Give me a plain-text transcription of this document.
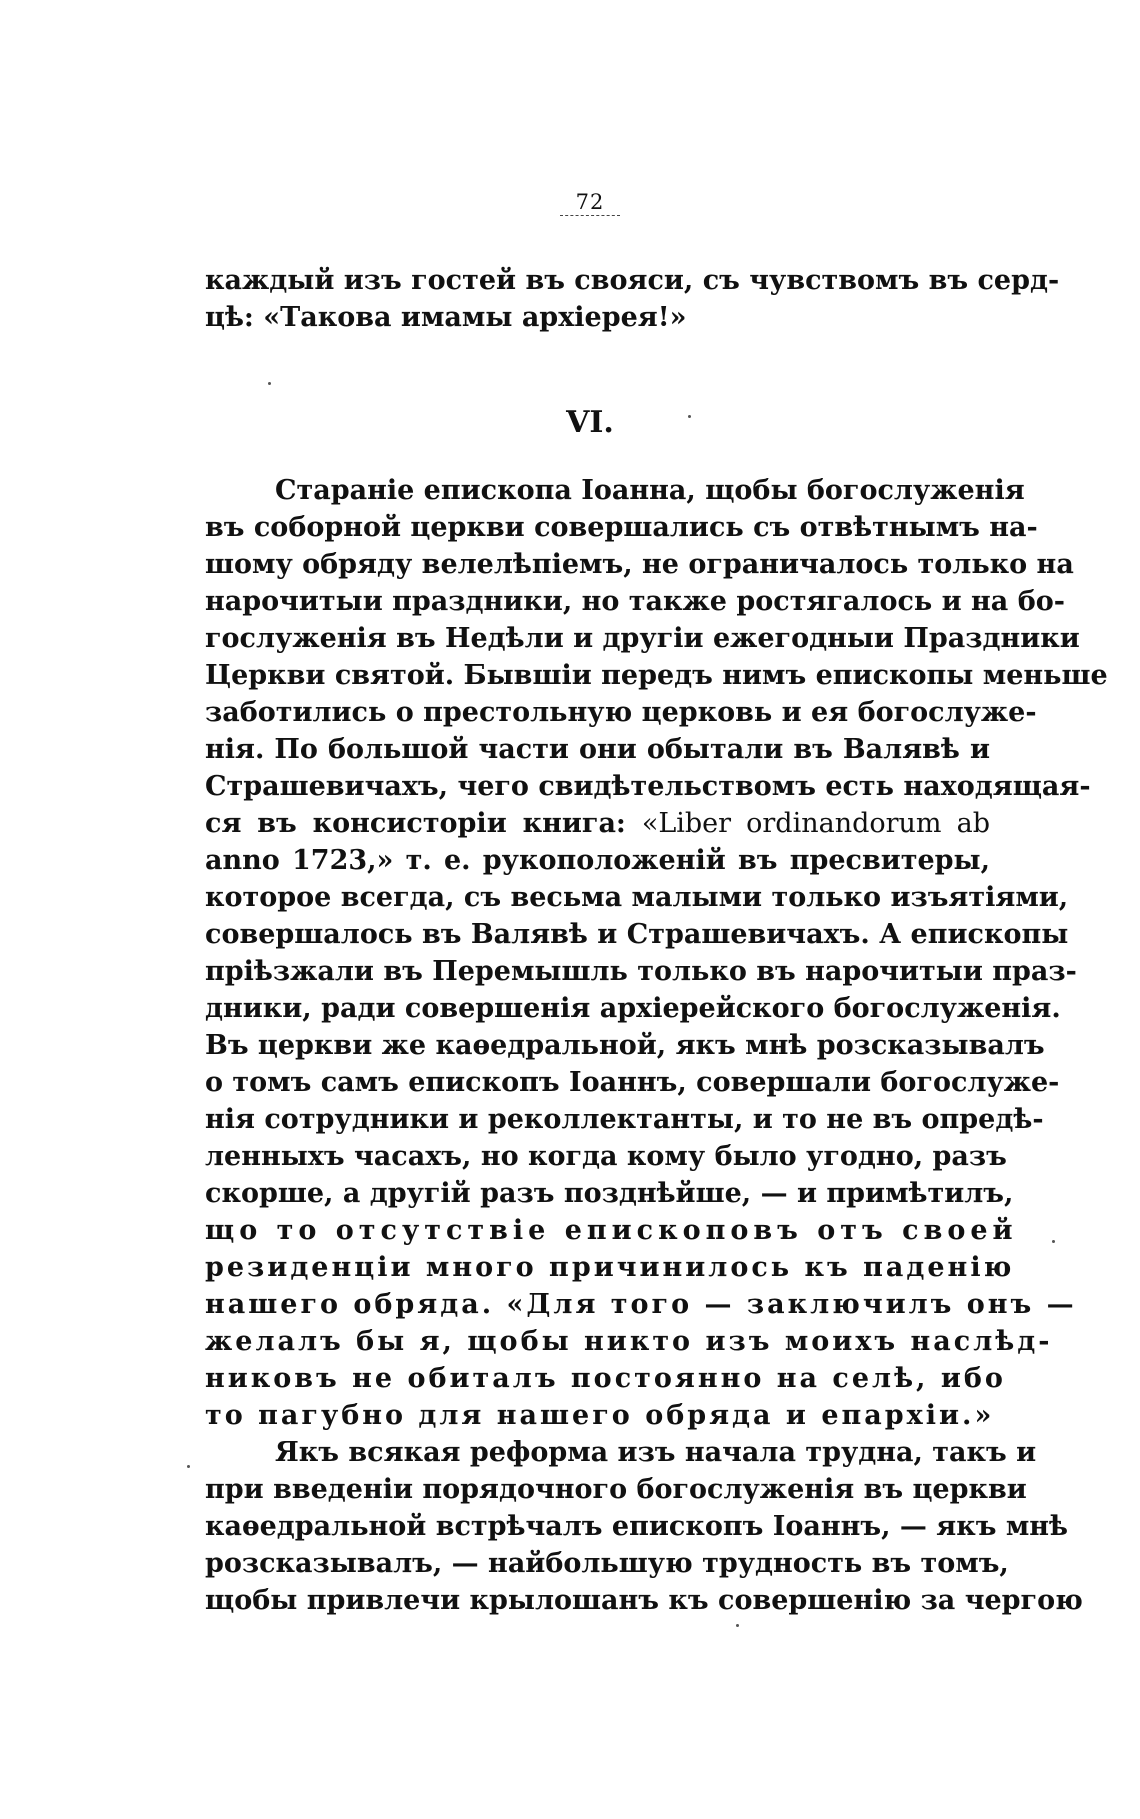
72
каждый изъ гостей въ свояси, съ чувствомъ въ серд-
цѣ: «Такова имамы архіерея!»
VI.
Стараніе епископа Іоанна, щобы богослуженія
въ соборной церкви совершались съ отвѣтнымъ на-
шому обряду велелѣпіемъ, не ограничалось только на
нарочитыи праздники, но также ростягалось и на бо-
гослуженія въ Недѣли и другіи ежегодныи Праздники
Церкви святой. Бывшіи передъ нимъ епископы меньше
заботились о престольную церковь и ея богослуже-
нія. По большой части они обытали въ Валявѣ и
Страшевичахъ, чего свидѣтельствомъ есть находящая-
ся въ консисторіи книга: «Liber ordinandorum ab
anno 1723,» т. е. рукоположеній въ пресвитеры,
которое всегда, съ весьма малыми только изъятіями,
совершалось въ Валявѣ и Страшевичахъ. А епископы
пріѣзжали въ Перемышль только въ нарочитыи праз-
дники, ради совершенія архіерейского богослуженія.
Въ церкви же каѳедральной, якъ мнѣ розсказывалъ
о томъ самъ епископъ Іоаннъ, совершали богослуже-
нія сотрудники и реколлектанты, и то не въ опредѣ-
ленныхъ часахъ, но когда кому было угодно, разъ
скорше, а другій разъ позднѣйше, — и примѣтилъ,
що то отсутствіе епископовъ отъ своей
резиденціи много причинилось къ паденію
нашего обряда. «Для того — заключилъ онъ —
желалъ бы я, щобы никто изъ моихъ наслѣд-
никовъ не обиталъ постоянно на селѣ, ибо
то пагубно для нашего обряда и епархіи.»
Якъ всякая реформа изъ начала трудна, такъ и
при введеніи порядочного богослуженія въ церкви
каѳедральной встрѣчалъ епископъ Іоаннъ, — якъ мнѣ
розсказывалъ, — найбольшую трудность въ томъ,
щобы привлечи крылошанъ къ совершенію за чергою
